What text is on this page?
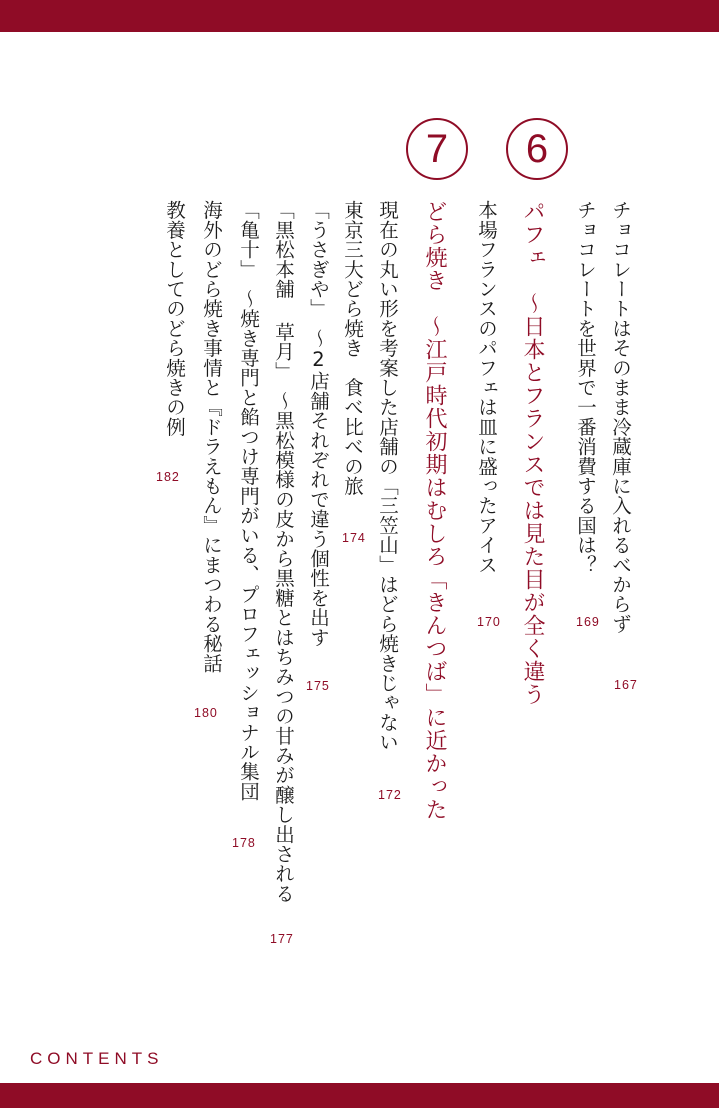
6
7
チョコレートはそのまま冷蔵庫に入れるべからず
167
チョコレートを世界で一番消費する国は？
169
パフェ　～日本とフランスでは見た目が全く違う
本場フランスのパフェは皿に盛ったアイス
170
どら焼き　～江戸時代初期はむしろ「きんつば」に近かった
現在の丸い形を考案した店舗の「三笠山」はどら焼きじゃない
172
東京三大どら焼き　食べ比べの旅
174
「うさぎや」　～2店舗それぞれで違う個性を出す
175
「黒松本舗 草月」　～黒松模様の皮から黒糖とはちみつの甘みが醸し出される
177
「亀十」　～焼き専門と餡つけ専門がいる、プロフェッショナル集団
178
海外のどら焼き事情と『ドラえもん』にまつわる秘話
180
教養としてのどら焼きの例
182
CONTENTS
